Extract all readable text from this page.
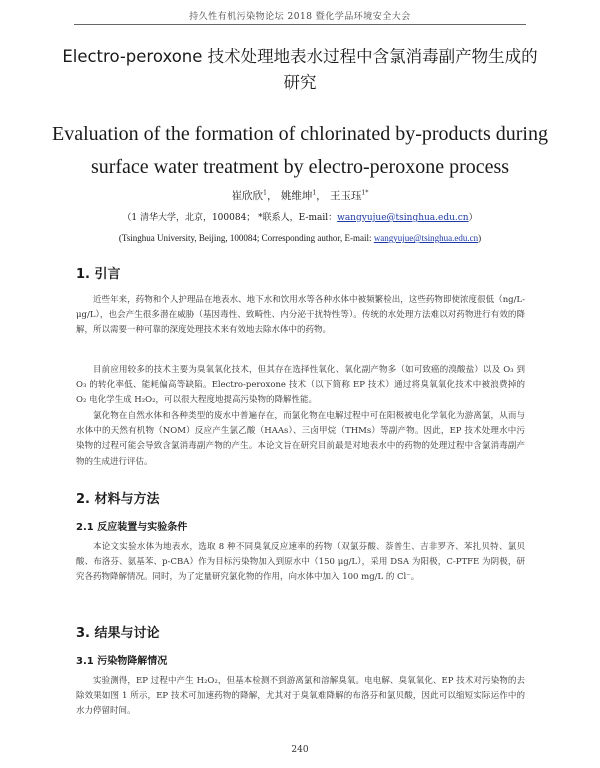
持久性有机污染物论坛 2018 暨化学品环境安全大会
Electro-peroxone 技术处理地表水过程中含氯消毒副产物生成的研究
Evaluation of the formation of chlorinated by-products during surface water treatment by electro-peroxone process
崔欣欣$^1$， 姚维坤$^1$， 王玉珏$^{1*}$
（1 清华大学，北京，100084； *联系人，E-mail：wangyujue@tsinghua.edu.cn）
(Tsinghua University, Beijing, 100084; Corresponding author, E-mail: wangyujue@tsinghua.edu.cn)
1. 引言
近些年来，药物和个人护理品在地表水、地下水和饮用水等各种水体中被频繁检出，这些药物即使浓度很低（ng/L-μg/L），也会产生很多潜在威胁（基因毒性、致畸性、内分泌干扰特性等）。传统的水处理方法难以对药物进行有效的降解，所以需要一种可靠的深度处理技术来有效地去除水体中的药物。
目前应用较多的技术主要为臭氧氧化技术，但其存在选择性氧化、氧化副产物多（如可致癌的溴酸盐）以及 O₃ 到 O₃ 的转化率低、能耗偏高等缺陷。Electro-peroxone 技术（以下简称 EP 技术）通过将臭氧氧化技术中被浪费掉的 O₂ 电化学生成 H₂O₂，可以很大程度地提高污染物的降解性能。
氯化物在自然水体和各种类型的废水中普遍存在，而氯化物在电解过程中可在阳极被电化学氧化为游离氯，从而与水体中的天然有机物（NOM）反应产生氯乙酸（HAAs）、三卤甲烷（THMs）等副产物。因此，EP 技术处理水中污染物的过程可能会导致含氯消毒副产物的产生。本论文旨在研究目前最是对地表水中的药物的处理过程中含氯消毒副产物的生成进行评估。
2. 材料与方法
2.1 反应装置与实验条件
本论文实验水体为地表水，选取 8 种不同臭氧反应速率的药物（双氯芬酸、萘普生、吉非罗齐、苯扎贝特、氯贝酸、布洛芬、氨基苯、p-CBA）作为目标污染物加入到原水中（150 μg/L），采用 DSA 为阳极，C-PTFE 为阴极，研究各药物降解情况。同时，为了定量研究氯化物的作用，向水体中加入 100 mg/L 的 Cl⁻。
3. 结果与讨论
3.1 污染物降解情况
实验测得，EP 过程中产生 H₂O₂，但基本检测不到游离氯和溶解臭氧。电电解、臭氧氧化、EP 技术对污染物的去除效果如图 1 所示，EP 技术可加速药物的降解，尤其对于臭氧难降解的布洛芬和氯贝酸，因此可以缩短实际运作中的水力停留时间。
240
